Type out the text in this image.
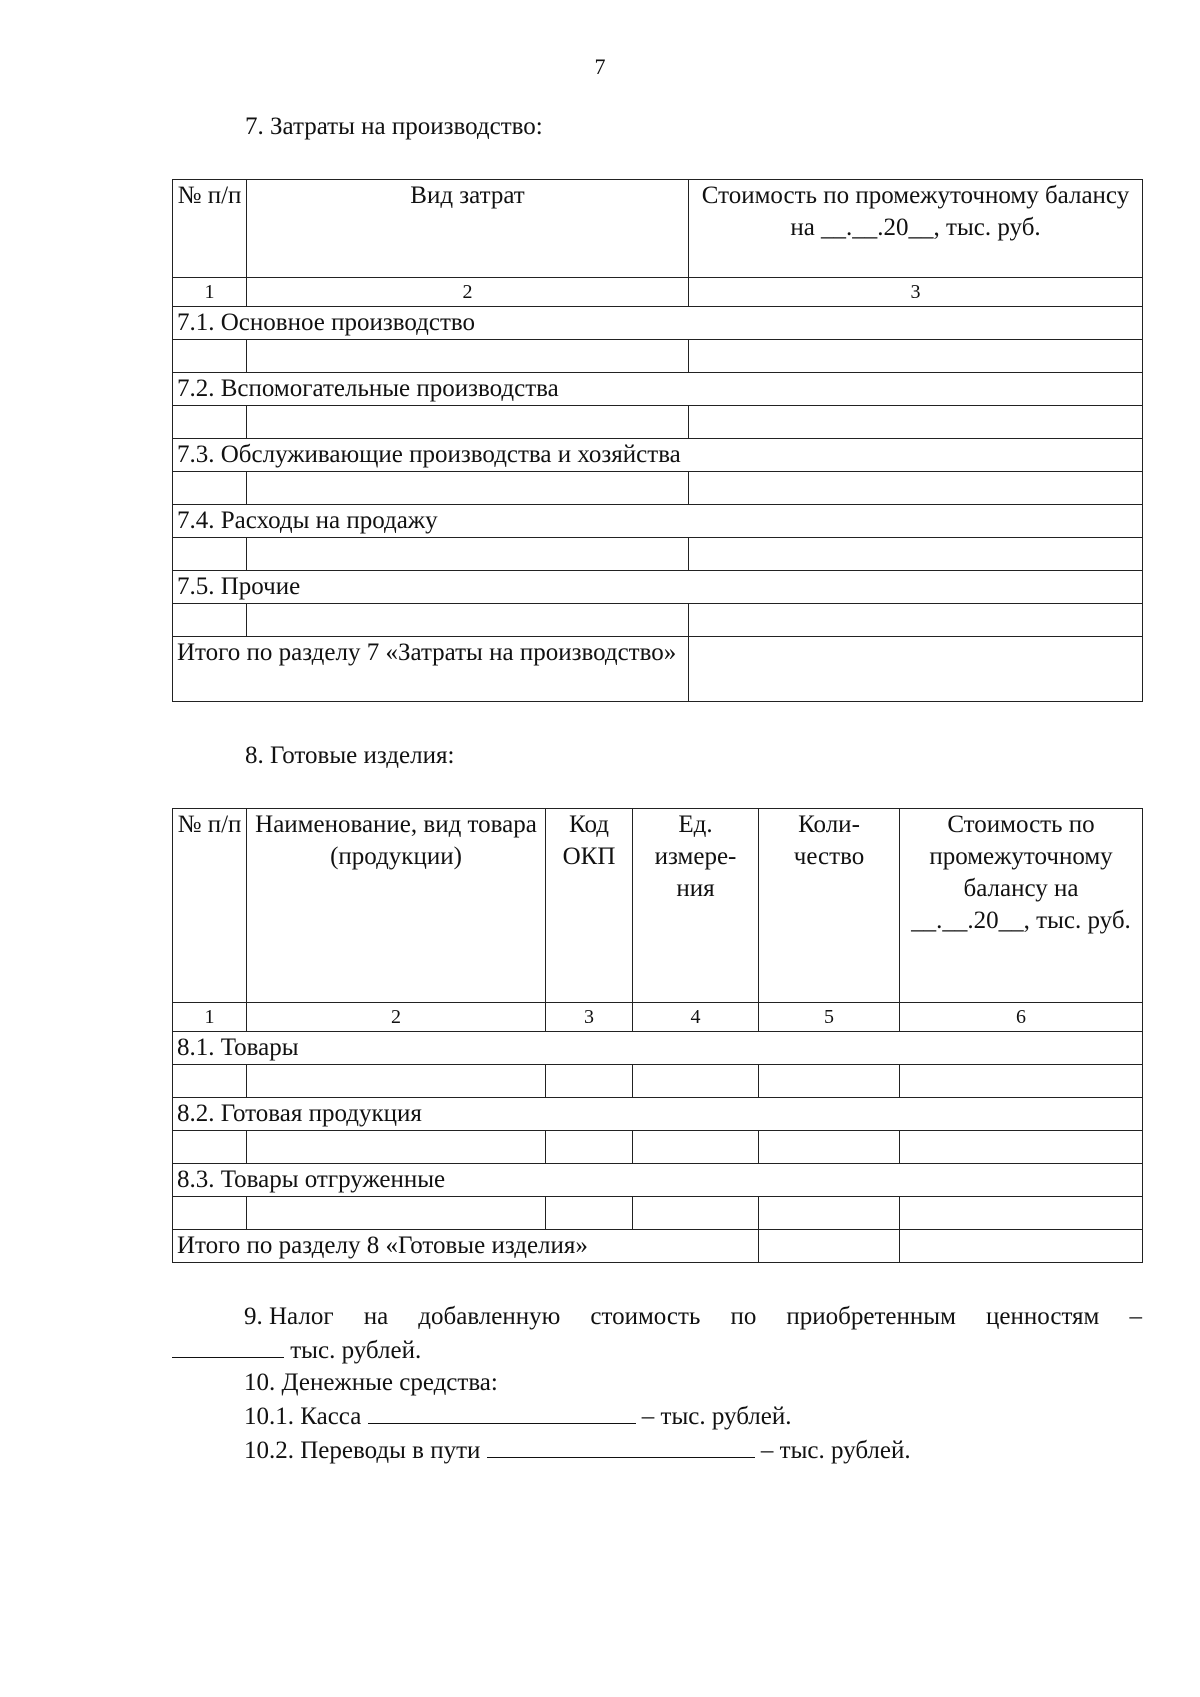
7
7. Затраты на производство:
№ п/п	Вид затрат	Стоимость по промежуточному балансу на __.__.20__, тыс. руб.
1	2	3
7.1. Основное производство		

7.2. Вспомогательные производства		

7.3. Обслуживающие производства и хозяйства		

7.4. Расходы на продажу		

7.5. Прочие		

Итого по разделу 7 «Затраты на производство»		
8. Готовые изделия:
№ п/п	Наименование, вид товара (продукции)	Код ОКП	Ед. измере- ния	Коли- чество	Стоимость по промежуточному балансу на __.__.20__, тыс. руб.
1	2	3	4	5	6
8.1. Товары					

8.2. Готовая продукция					

8.3. Товары отгруженные					

Итого по разделу 8 «Готовые изделия»					
9. Налог на добавленную стоимость по приобретенным ценностям –
тыс. рублей.
10. Денежные средства:
10.1. Касса	– тыс. рублей.
10.2. Переводы в пути	– тыс. рублей.
